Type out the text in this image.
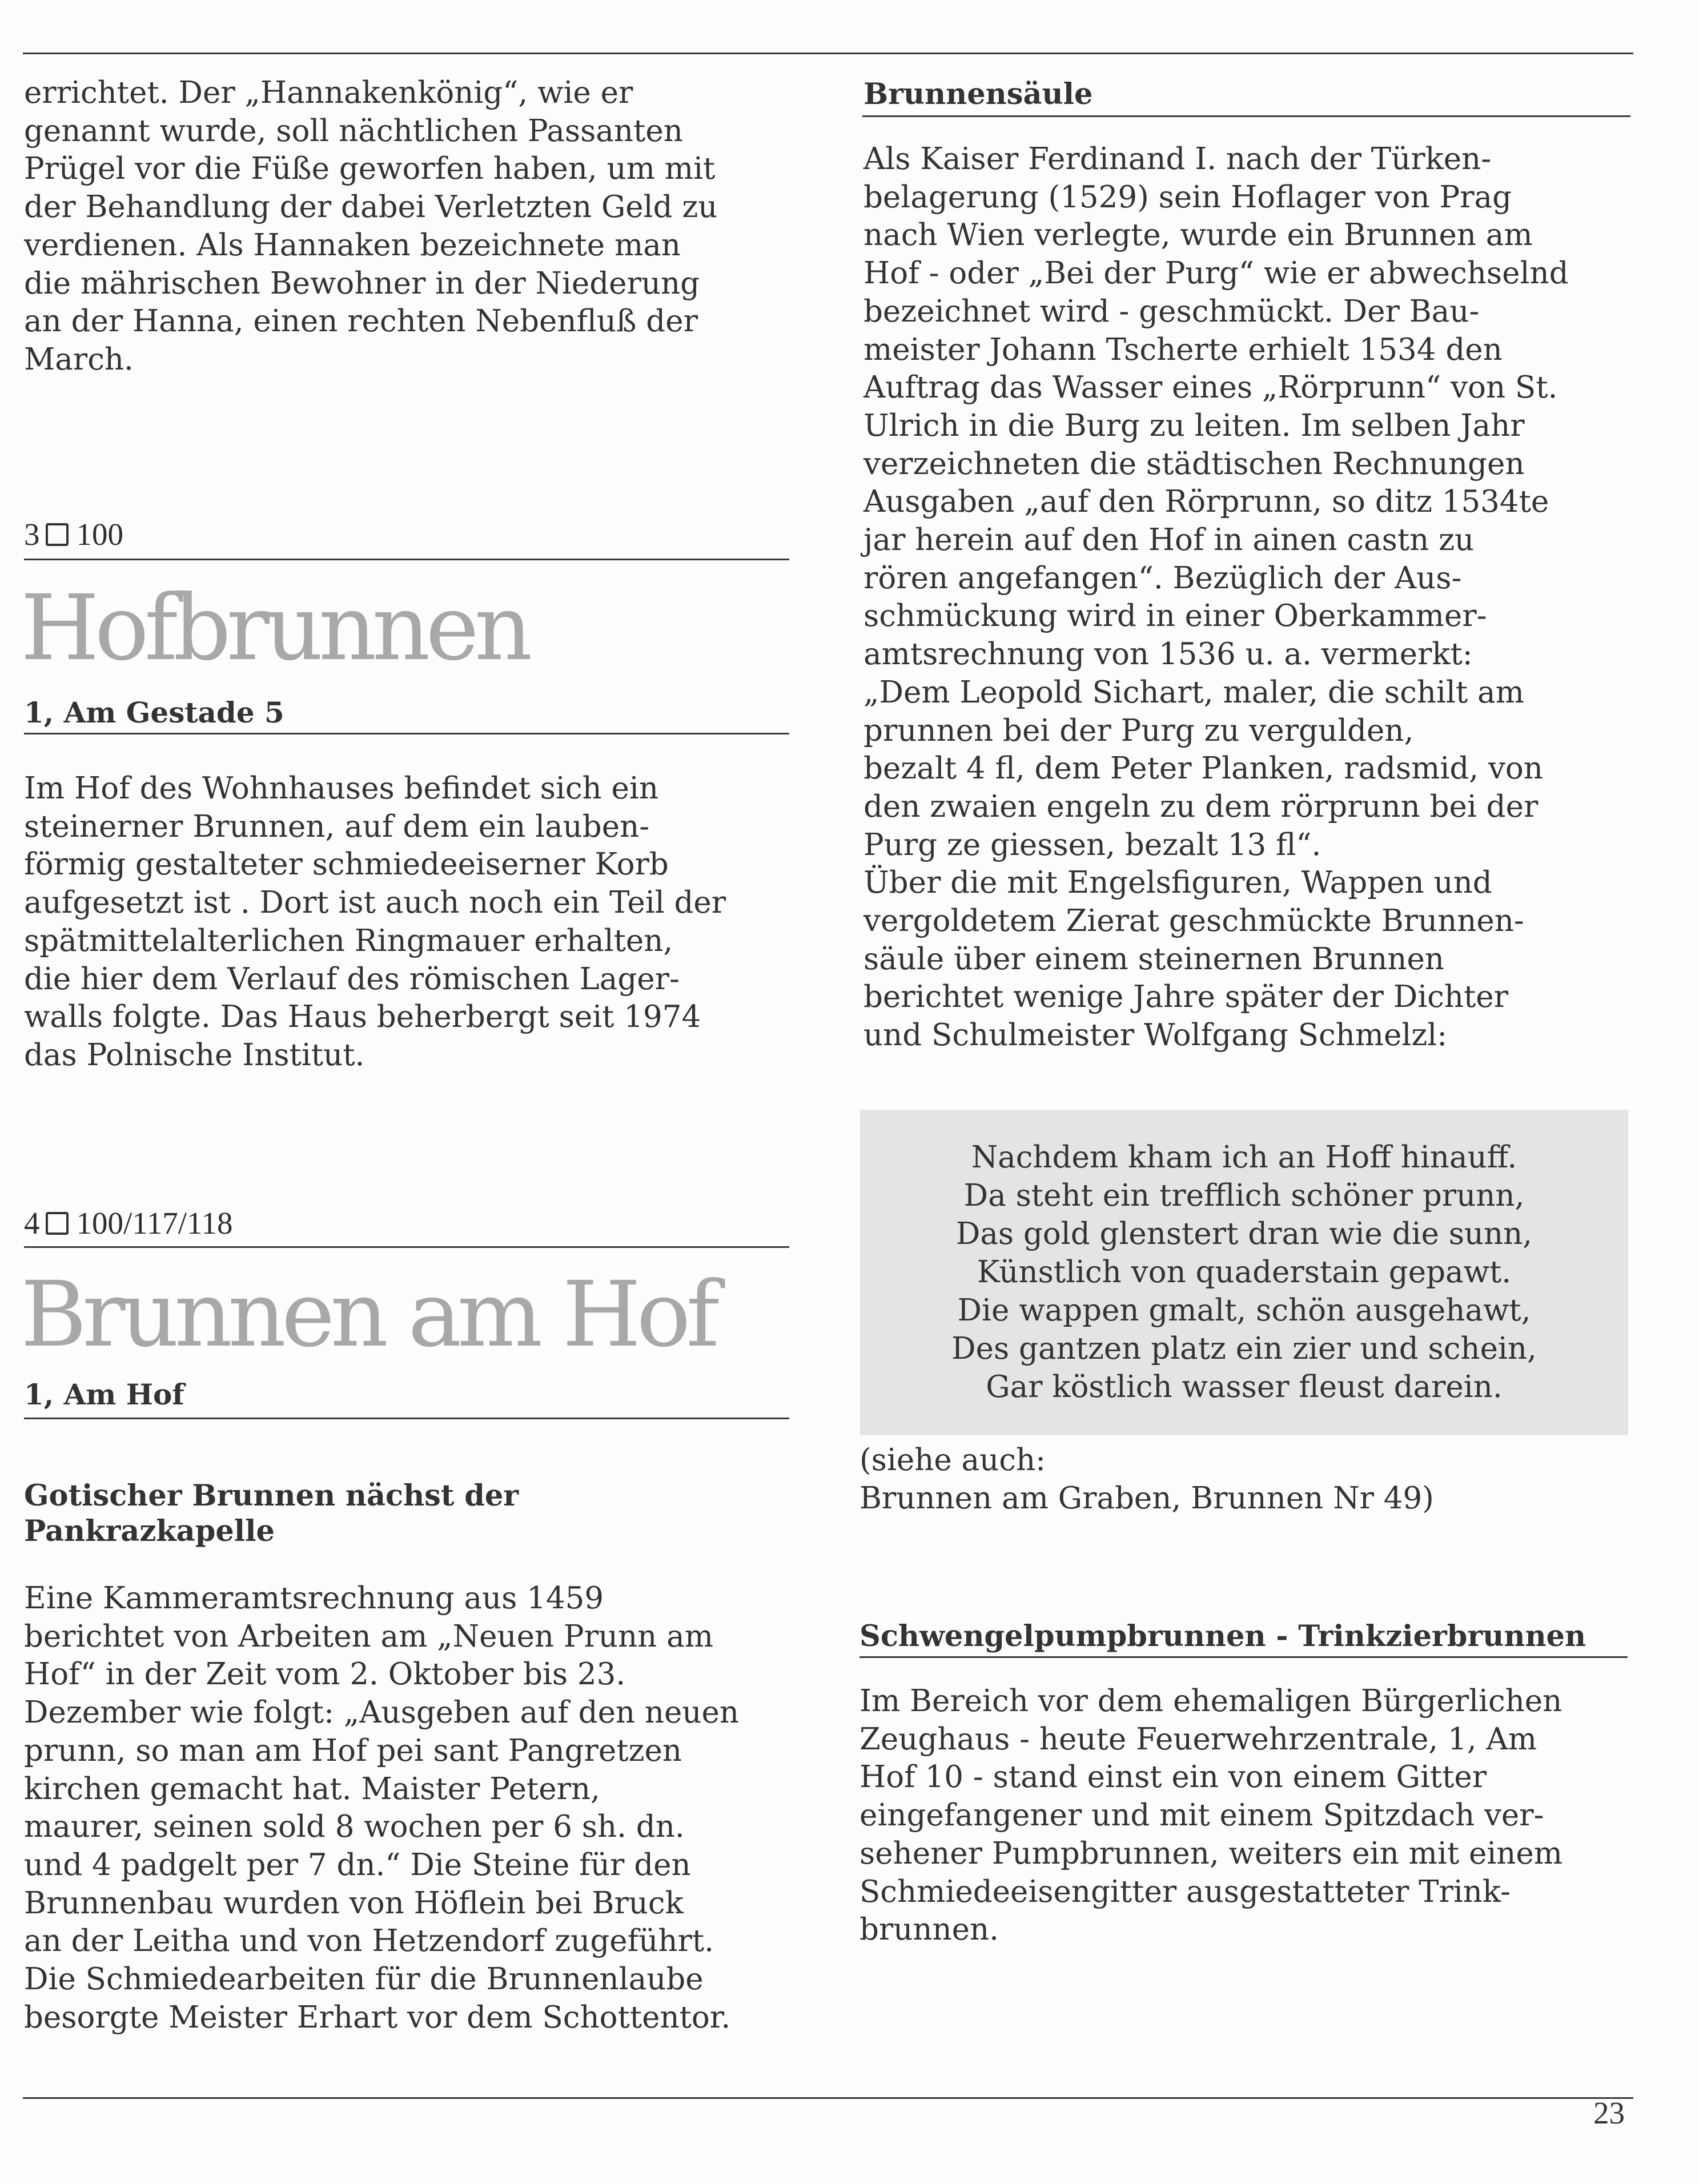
errichtet. Der „Hannakenkönig“, wie er
genannt wurde, soll nächtlichen Passanten
Prügel vor die Füße geworfen haben, um mit
der Behandlung der dabei Verletzten Geld zu
verdienen. Als Hannaken bezeichnete man
die mährischen Bewohner in der Niederung
an der Hanna, einen rechten Nebenfluß der
March.
3 100
Hofbrunnen
1, Am Gestade 5
Im Hof des Wohnhauses befindet sich ein
steinerner Brunnen, auf dem ein lauben-
förmig gestalteter schmiedeeiserner Korb
aufgesetzt ist . Dort ist auch noch ein Teil der
spätmittelalterlichen Ringmauer erhalten,
die hier dem Verlauf des römischen Lager-
walls folgte. Das Haus beherbergt seit 1974
das Polnische Institut.
4 100/117/118
Brunnen am Hof
1, Am Hof
Gotischer Brunnen nächst der
Pankrazkapelle
Eine Kammeramtsrechnung aus 1459
berichtet von Arbeiten am „Neuen Prunn am
Hof“ in der Zeit vom 2. Oktober bis 23.
Dezember wie folgt: „Ausgeben auf den neuen
prunn, so man am Hof pei sant Pangretzen
kirchen gemacht hat. Maister Petern,
maurer, seinen sold 8 wochen per 6 sh. dn.
und 4 padgelt per 7 dn.“ Die Steine für den
Brunnenbau wurden von Höflein bei Bruck
an der Leitha und von Hetzendorf zugeführt.
Die Schmiedearbeiten für die Brunnenlaube
besorgte Meister Erhart vor dem Schottentor.
Brunnensäule
Als Kaiser Ferdinand I. nach der Türken-
belagerung (1529) sein Hoflager von Prag
nach Wien verlegte, wurde ein Brunnen am
Hof - oder „Bei der Purg“ wie er abwechselnd
bezeichnet wird - geschmückt. Der Bau-
meister Johann Tscherte erhielt 1534 den
Auftrag das Wasser eines „Rörprunn“ von St.
Ulrich in die Burg zu leiten. Im selben Jahr
verzeichneten die städtischen Rechnungen
Ausgaben „auf den Rörprunn, so ditz 1534te
jar herein auf den Hof in ainen castn zu
rören angefangen“. Bezüglich der Aus-
schmückung wird in einer Oberkammer-
amtsrechnung von 1536 u. a. vermerkt:
„Dem Leopold Sichart, maler, die schilt am
prunnen bei der Purg zu vergulden,
bezalt 4 fl, dem Peter Planken, radsmid, von
den zwaien engeln zu dem rörprunn bei der
Purg ze giessen, bezalt 13 fl“.
Über die mit Engelsfiguren, Wappen und
vergoldetem Zierat geschmückte Brunnen-
säule über einem steinernen Brunnen
berichtet wenige Jahre später der Dichter
und Schulmeister Wolfgang Schmelzl:
Nachdem kham ich an Hoff hinauff.
Da steht ein trefflich schöner prunn,
Das gold glenstert dran wie die sunn,
Künstlich von quaderstain gepawt.
Die wappen gmalt, schön ausgehawt,
Des gantzen platz ein zier und schein,
Gar köstlich wasser fleust darein.
(siehe auch:
Brunnen am Graben, Brunnen Nr 49)
Schwengelpumpbrunnen - Trinkzierbrunnen
Im Bereich vor dem ehemaligen Bürgerlichen
Zeughaus - heute Feuerwehrzentrale, 1, Am
Hof 10 - stand einst ein von einem Gitter
eingefangener und mit einem Spitzdach ver-
sehener Pumpbrunnen, weiters ein mit einem
Schmiedeeisengitter ausgestatteter Trink-
brunnen.
23
